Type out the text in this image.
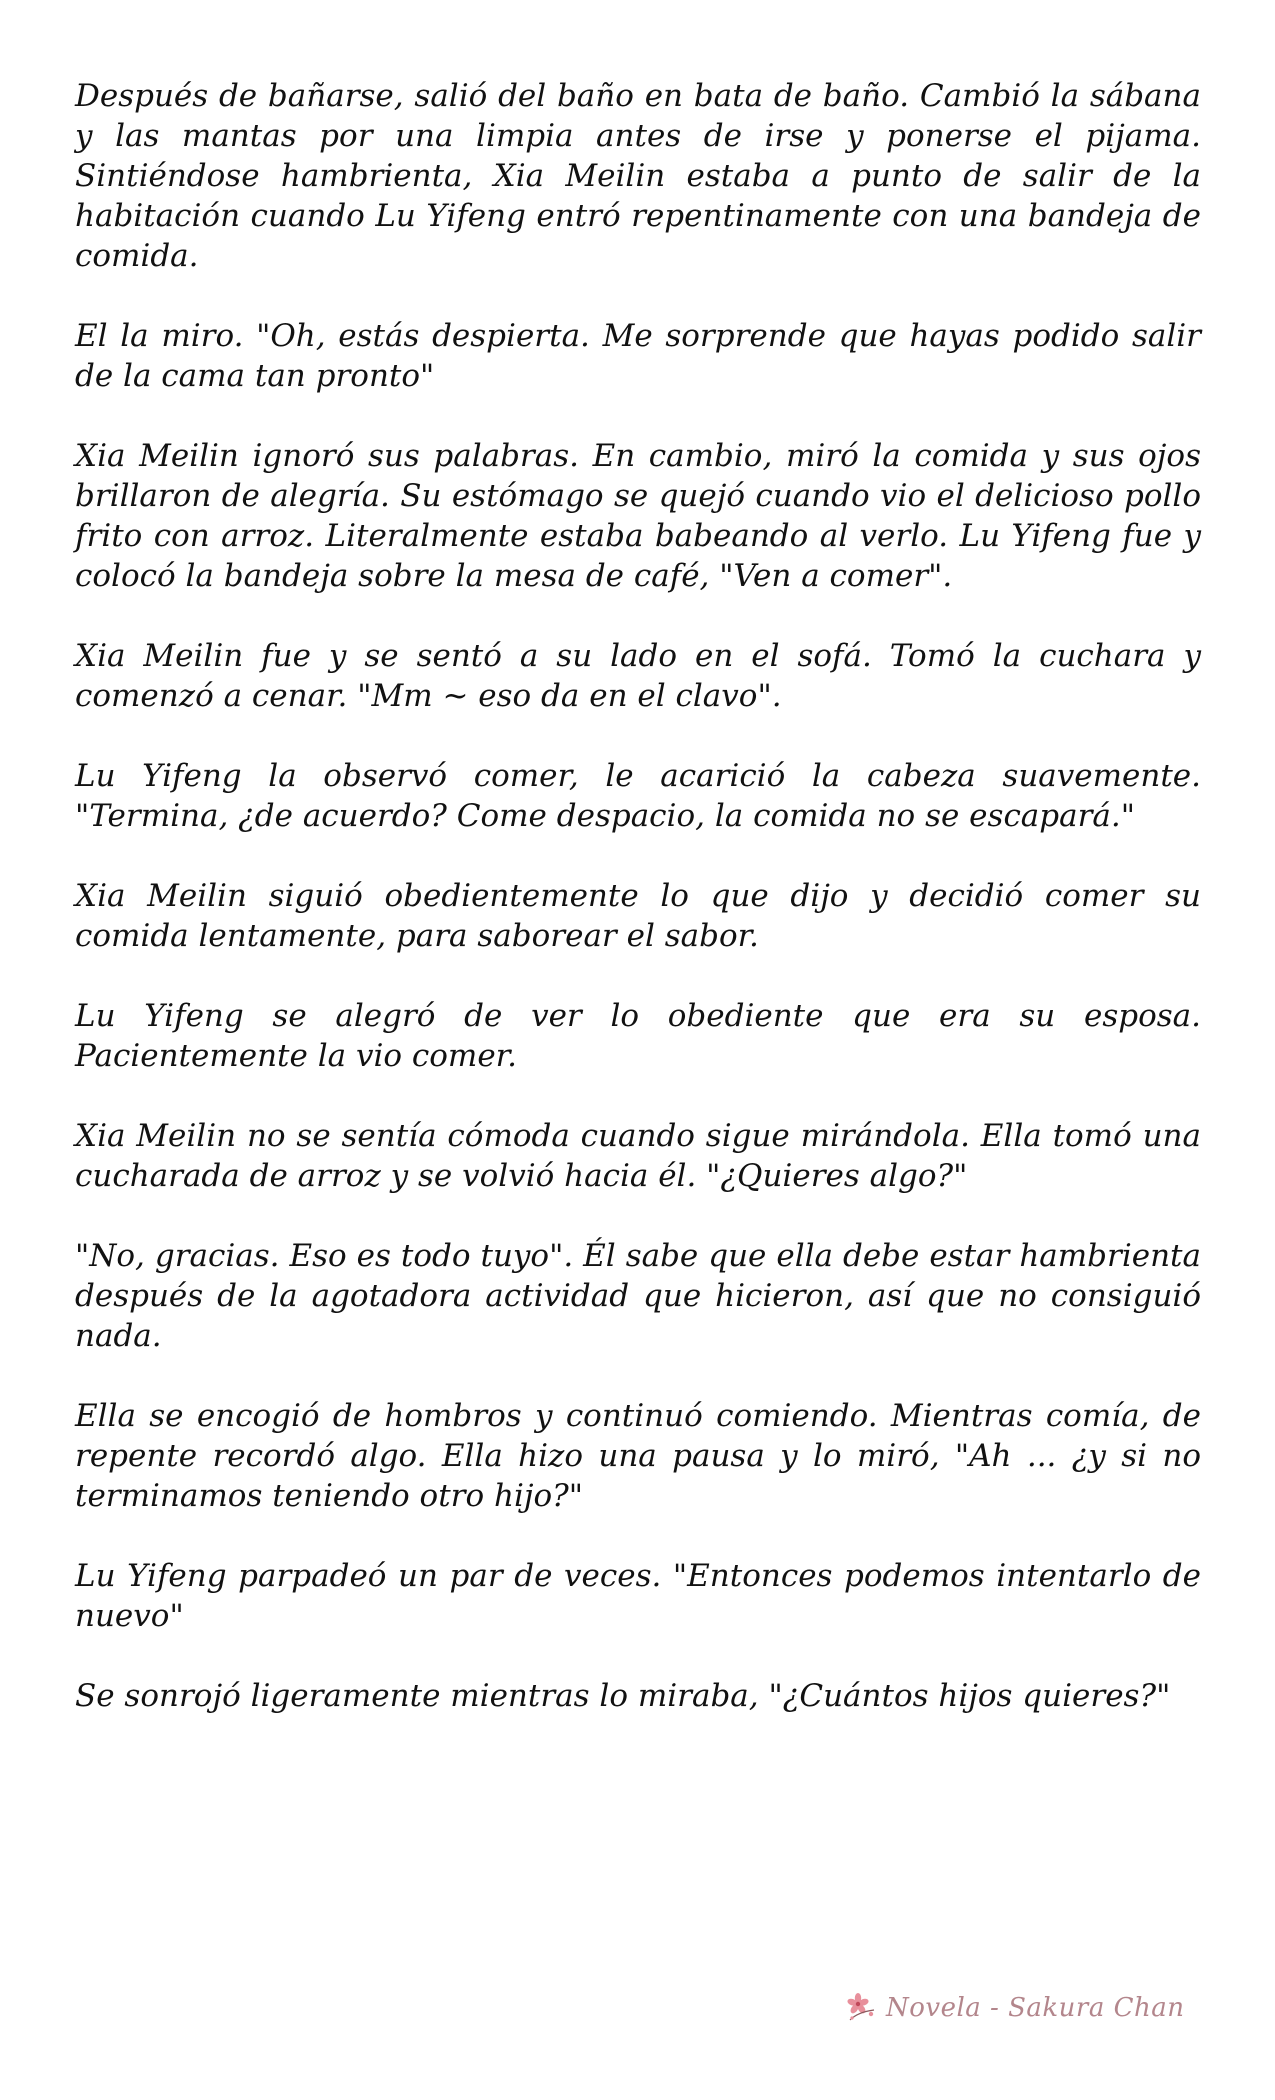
Después de bañarse, salió del baño en bata de baño. Cambió la sábana y las mantas por una limpia antes de irse y ponerse el pijama. Sintiéndose hambrienta, Xia Meilin estaba a punto de salir de la habitación cuando Lu Yifeng entró repentinamente con una bandeja de comida.

El la miro. "Oh, estás despierta. Me sorprende que hayas podido salir de la cama tan pronto"

Xia Meilin ignoró sus palabras. En cambio, miró la comida y sus ojos brillaron de alegría. Su estómago se quejó cuando vio el delicioso pollo frito con arroz. Literalmente estaba babeando al verlo. Lu Yifeng fue y colocó la bandeja sobre la mesa de café, "Ven a comer".

Xia Meilin fue y se sentó a su lado en el sofá. Tomó la cuchara y comenzó a cenar. "Mm ~ eso da en el clavo".

Lu Yifeng la observó comer, le acarició la cabeza suavemente. "Termina, ¿de acuerdo? Come despacio, la comida no se escapará."

Xia Meilin siguió obedientemente lo que dijo y decidió comer su comida lentamente, para saborear el sabor.

Lu Yifeng se alegró de ver lo obediente que era su esposa. Pacientemente la vio comer.

Xia Meilin no se sentía cómoda cuando sigue mirándola. Ella tomó una cucharada de arroz y se volvió hacia él. "¿Quieres algo?"

"No, gracias. Eso es todo tuyo". Él sabe que ella debe estar hambrienta después de la agotadora actividad que hicieron, así que no consiguió nada.

Ella se encogió de hombros y continuó comiendo. Mientras comía, de repente recordó algo. Ella hizo una pausa y lo miró, "Ah ... ¿y si no terminamos teniendo otro hijo?"

Lu Yifeng parpadeó un par de veces. "Entonces podemos intentarlo de nuevo"

Se sonrojó ligeramente mientras lo miraba, "¿Cuántos hijos quieres?"

Novela - Sakura Chan
